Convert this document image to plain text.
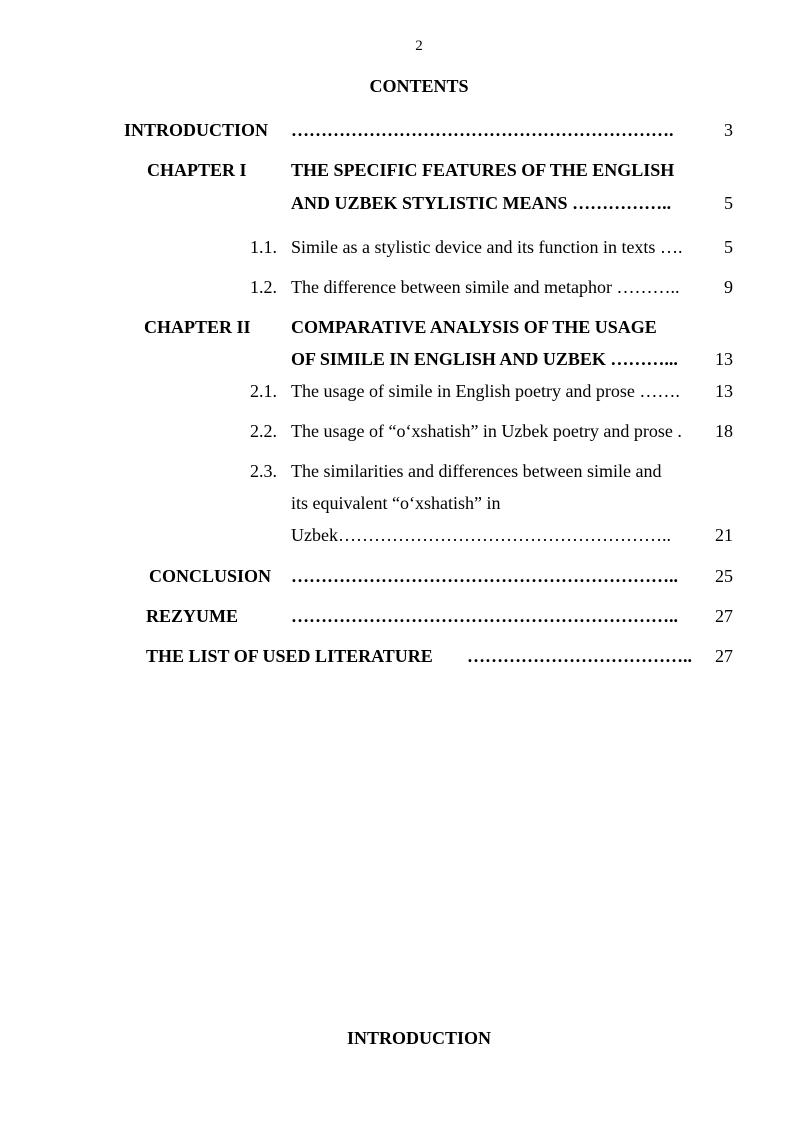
2
CONTENTS
INTRODUCTION ……………………………………………………….	3
CHAPTER I THE SPECIFIC FEATURES OF THE ENGLISH
AND UZBEK STYLISTIC MEANS ……………..	5
1.1. Simile as a stylistic device and its function in texts …. 5
1.2. The difference between simile and metaphor ……….. 9
CHAPTER II COMPARATIVE ANALYSIS OF THE USAGE
OF SIMILE IN ENGLISH AND UZBEK ………... 13
2.1. The usage of simile in English poetry and prose ……. 13
2.2. The usage of “o‘xshatish” in Uzbek poetry and prose . 18
2.3. The similarities and differences between simile and
its equivalent “o‘xshatish” in
Uzbek……………………………………………….. 21
CONCLUSION ……………………………………………………….. 25
REZYUME	……………………………………………………….. 27
THE LIST OF USED LITERATURE ……………………………….. 27
INTRODUCTION
